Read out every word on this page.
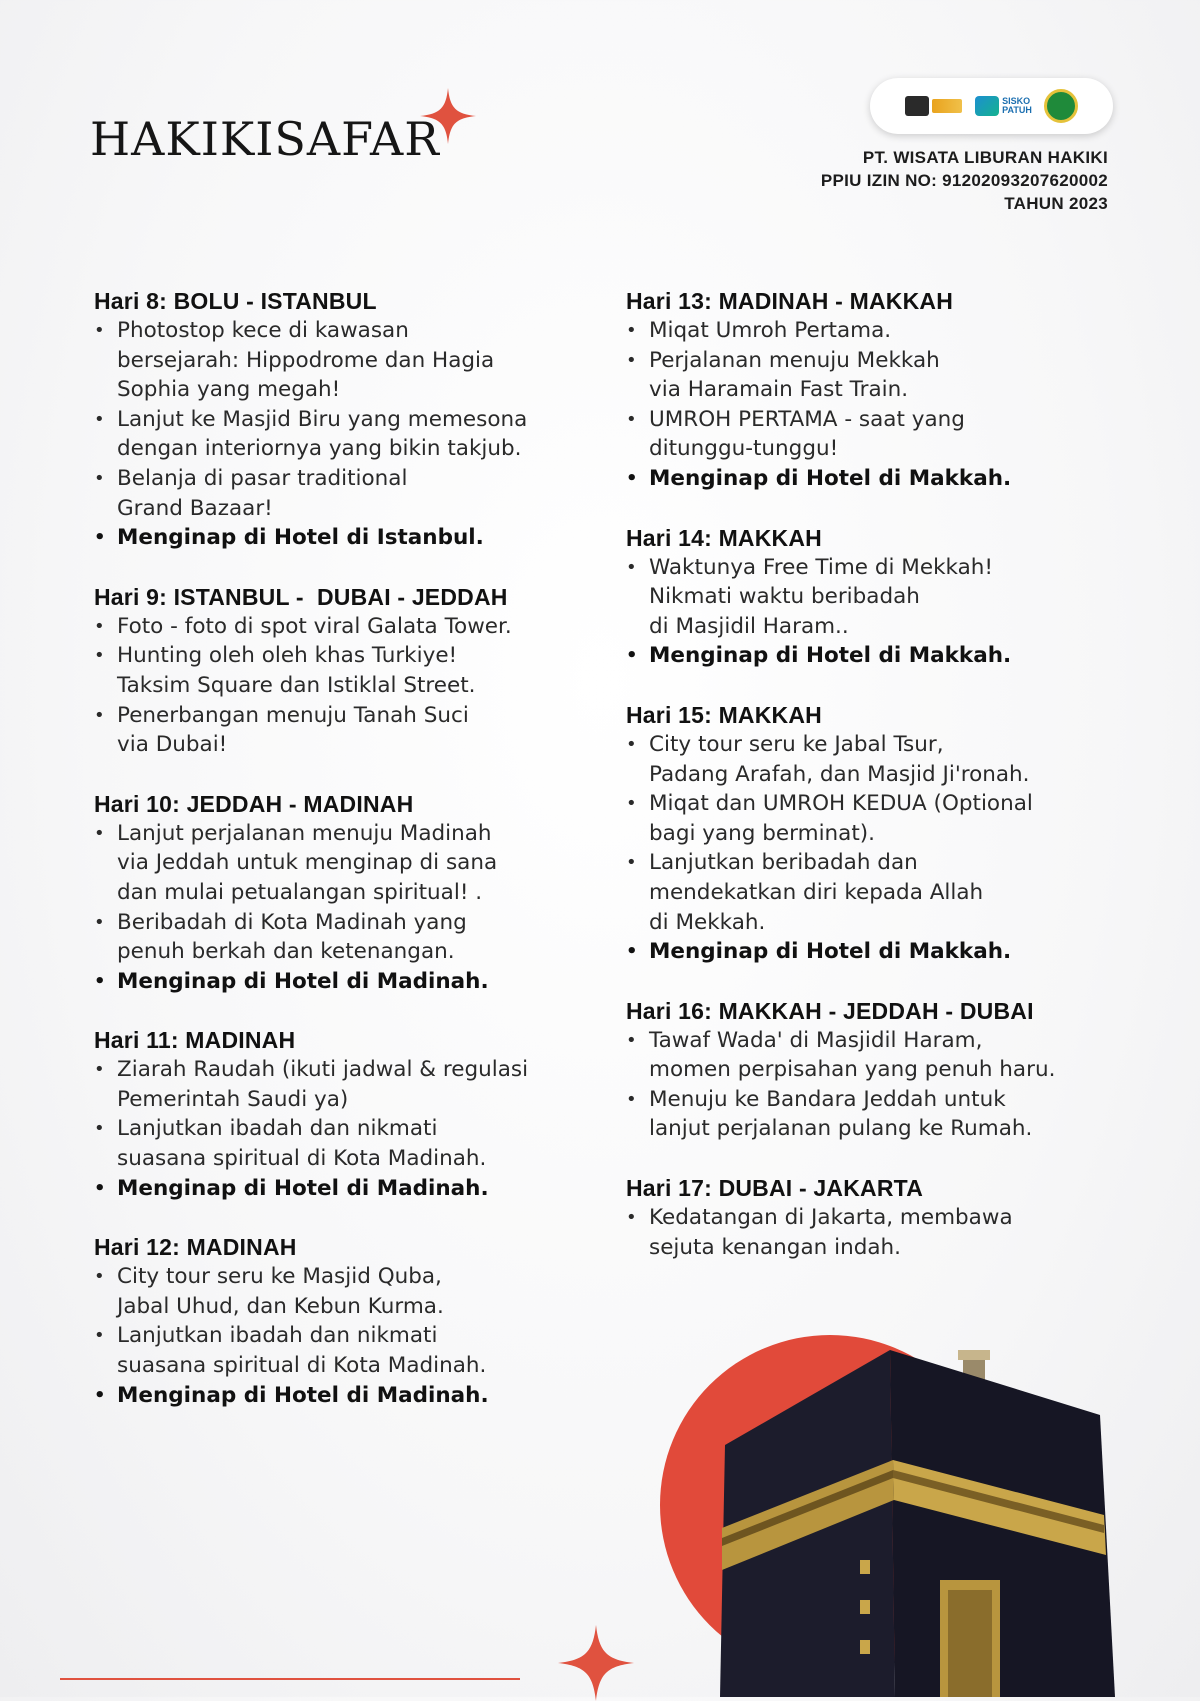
HAKIKISAFAR
SISKO
PATUH
PT. WISATA LIBURAN HAKIKI
PPIU IZIN NO: 91202093207620002
TAHUN 2023
Hari 8: BOLU - ISTANBUL
• Photostop kece di kawasan
bersejarah: Hippodrome dan Hagia
Sophia yang megah!
• Lanjut ke Masjid Biru yang memesona
dengan interiornya yang bikin takjub.
• Belanja di pasar traditional
Grand Bazaar!
• Menginap di Hotel di Istanbul.
Hari 9: ISTANBUL -  DUBAI - JEDDAH
• Foto - foto di spot viral Galata Tower.
• Hunting oleh oleh khas Turkiye!
Taksim Square dan Istiklal Street.
• Penerbangan menuju Tanah Suci
via Dubai!
Hari 10: JEDDAH - MADINAH
• Lanjut perjalanan menuju Madinah
via Jeddah untuk menginap di sana
dan mulai petualangan spiritual! .
• Beribadah di Kota Madinah yang
penuh berkah dan ketenangan.
• Menginap di Hotel di Madinah.
Hari 11: MADINAH
• Ziarah Raudah (ikuti jadwal & regulasi
Pemerintah Saudi ya)
• Lanjutkan ibadah dan nikmati
suasana spiritual di Kota Madinah.
• Menginap di Hotel di Madinah.
Hari 12: MADINAH
• City tour seru ke Masjid Quba,
Jabal Uhud, dan Kebun Kurma.
• Lanjutkan ibadah dan nikmati
suasana spiritual di Kota Madinah.
• Menginap di Hotel di Madinah.
Hari 13: MADINAH - MAKKAH
• Miqat Umroh Pertama.
• Perjalanan menuju Mekkah
via Haramain Fast Train.
• UMROH PERTAMA - saat yang
ditunggu-tunggu!
• Menginap di Hotel di Makkah.
Hari 14: MAKKAH
• Waktunya Free Time di Mekkah!
Nikmati waktu beribadah
di Masjidil Haram..
• Menginap di Hotel di Makkah.
Hari 15: MAKKAH
• City tour seru ke Jabal Tsur,
Padang Arafah, dan Masjid Ji'ronah.
• Miqat dan UMROH KEDUA (Optional
bagi yang berminat).
• Lanjutkan beribadah dan
mendekatkan diri kepada Allah
di Mekkah.
• Menginap di Hotel di Makkah.
Hari 16: MAKKAH - JEDDAH - DUBAI
• Tawaf Wada' di Masjidil Haram,
momen perpisahan yang penuh haru.
• Menuju ke Bandara Jeddah untuk
lanjut perjalanan pulang ke Rumah.
Hari 17: DUBAI - JAKARTA
• Kedatangan di Jakarta, membawa
sejuta kenangan indah.
